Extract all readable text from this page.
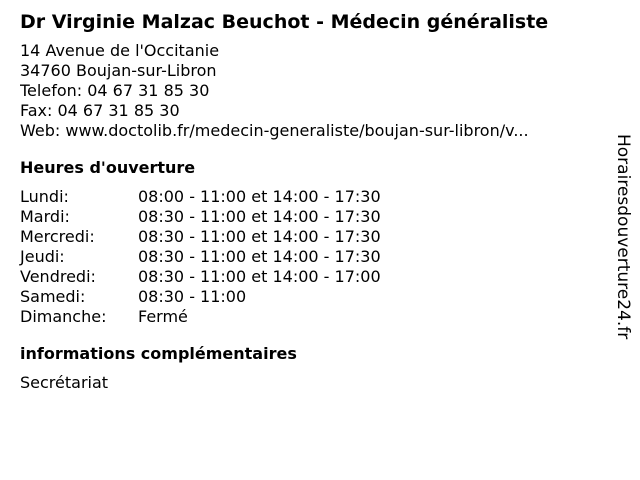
Dr Virginie Malzac Beuchot - Médecin généraliste
14 Avenue de l'Occitanie
34760 Boujan-sur-Libron
Telefon: 04 67 31 85 30
Fax: 04 67 31 85 30
Web: www.doctolib.fr/medecin-generaliste/boujan-sur-libron/v...
Heures d'ouverture
Lundi:	08:00 - 11:00 et 14:00 - 17:30
Mardi:	08:30 - 11:00 et 14:00 - 17:30
Mercredi:	08:30 - 11:00 et 14:00 - 17:30
Jeudi:	08:30 - 11:00 et 14:00 - 17:30
Vendredi:	08:30 - 11:00 et 14:00 - 17:00
Samedi:	08:30 - 11:00
Dimanche:	Fermé
informations complémentaires
Secrétariat
Horairesdouverture24.fr
